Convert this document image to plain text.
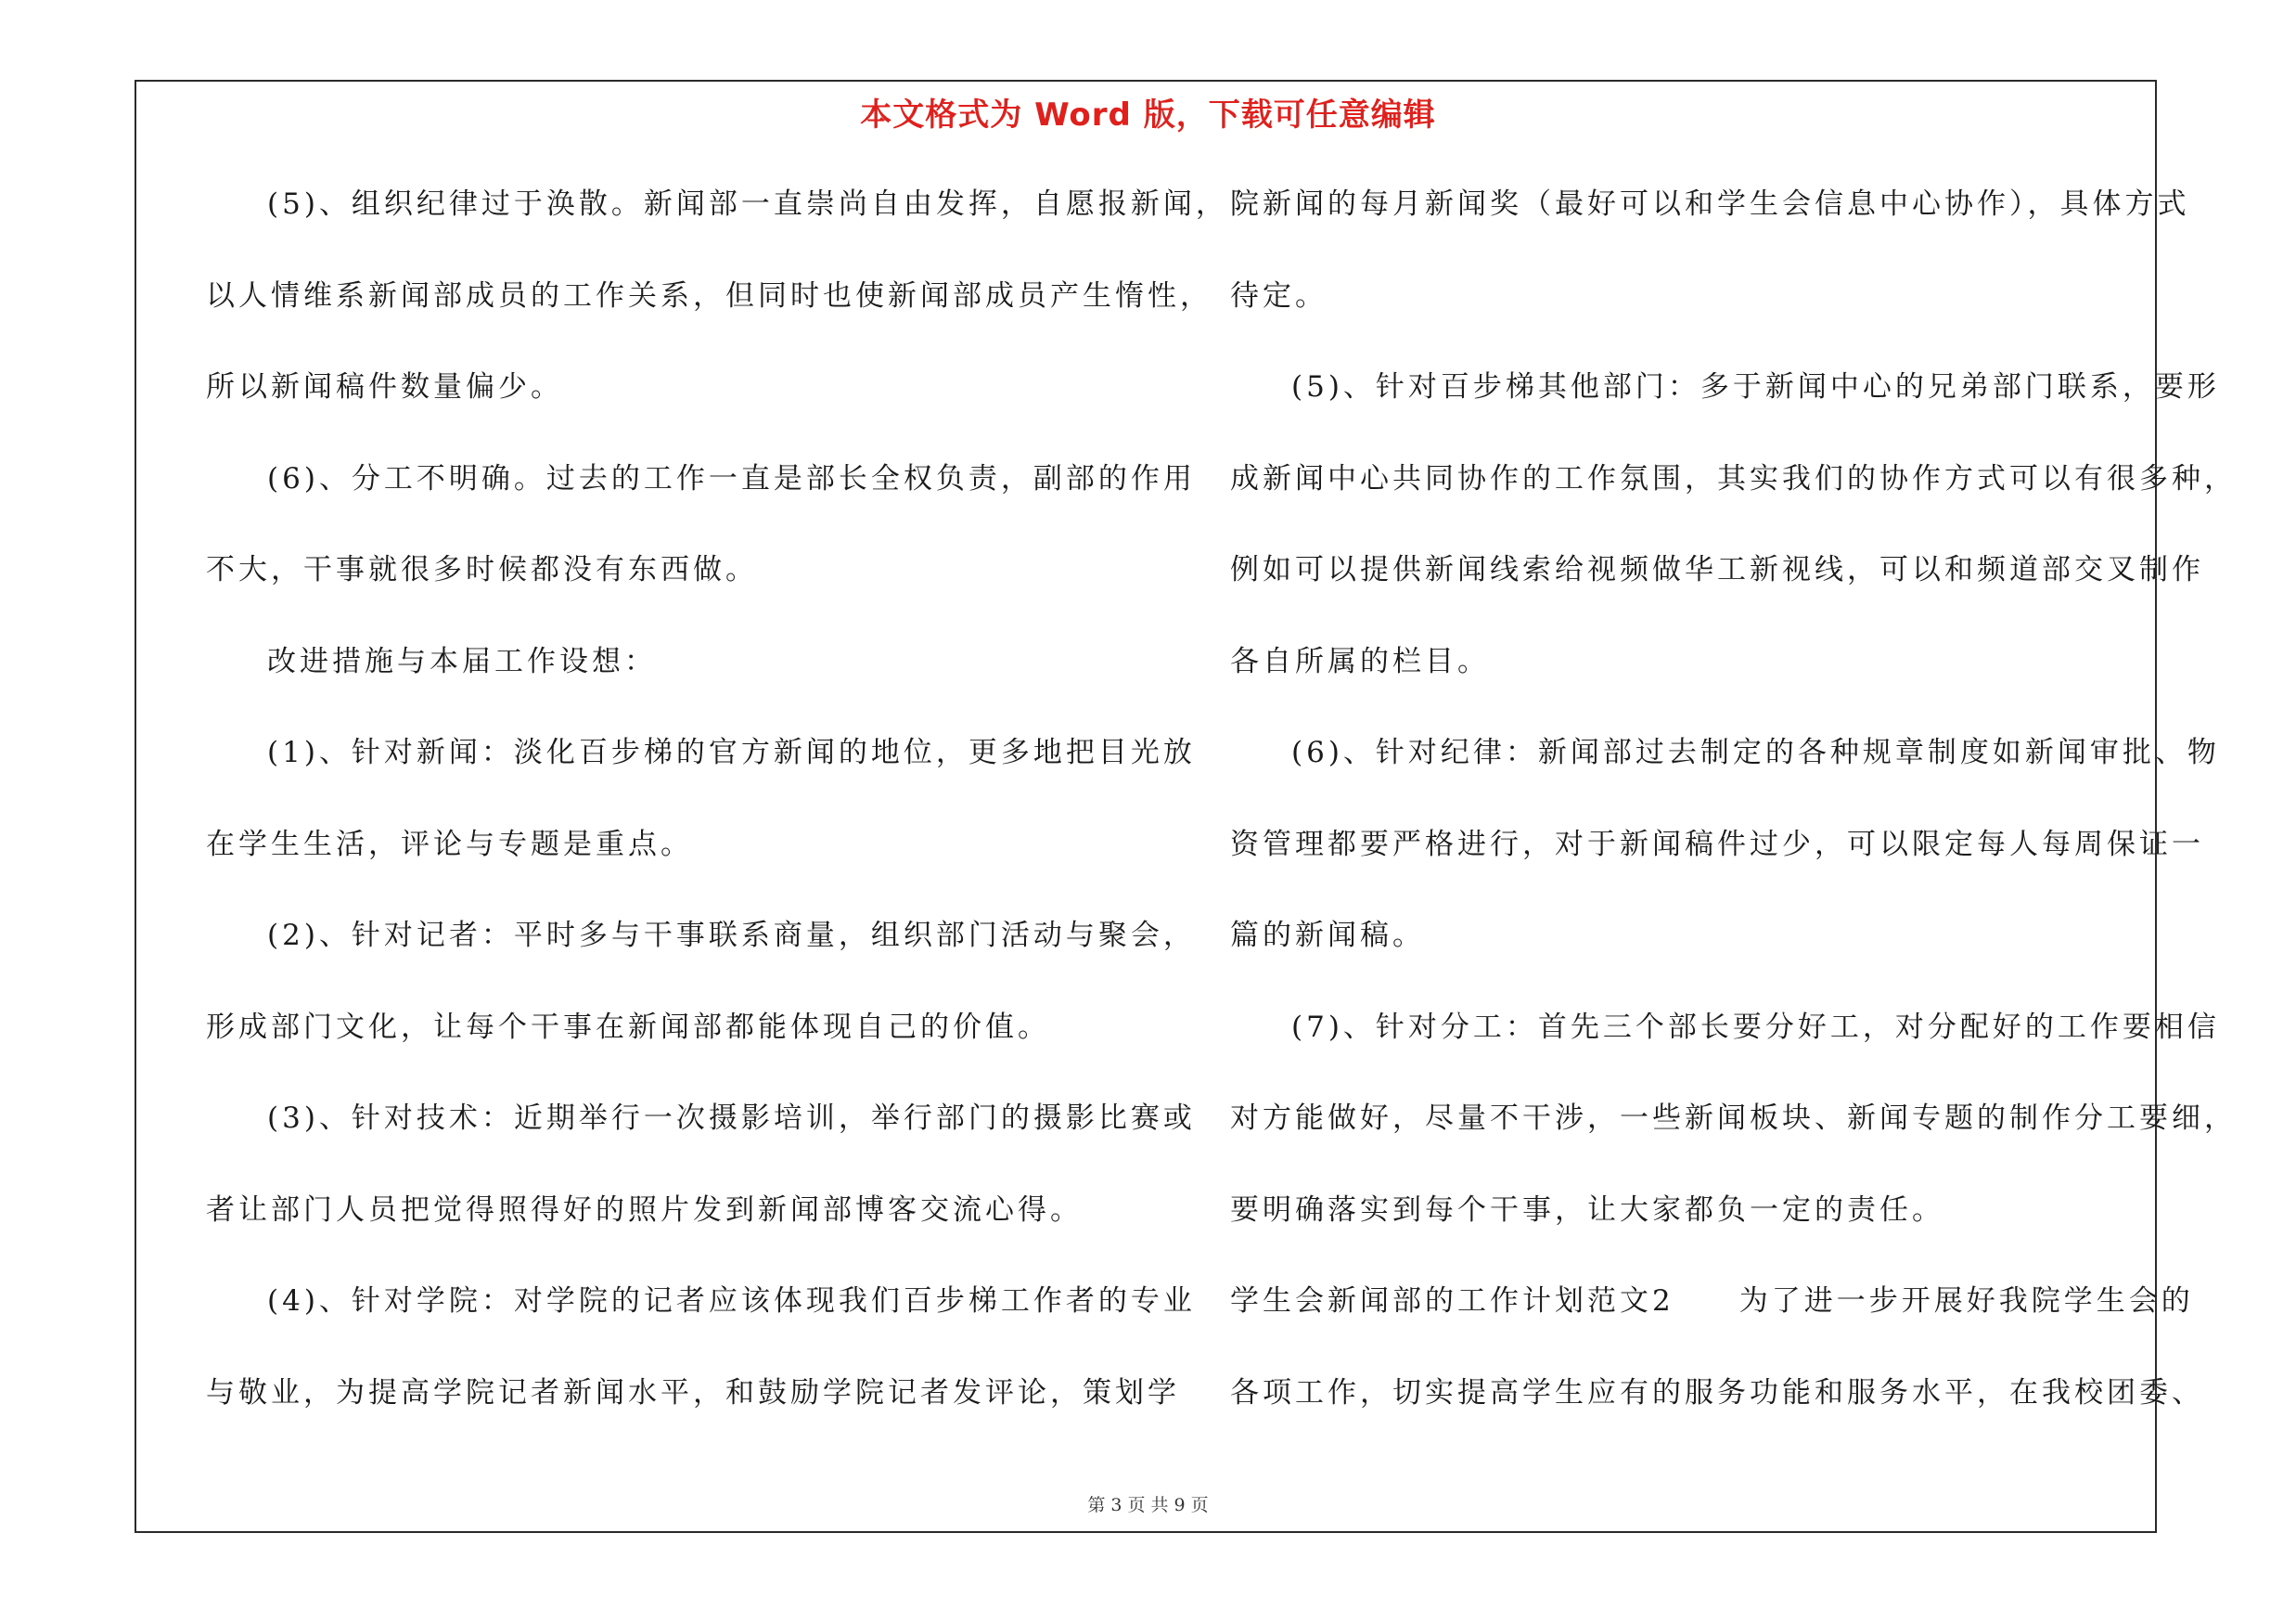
本文格式为 Word 版，下载可任意编辑
(5)、组织纪律过于涣散。新闻部一直崇尚自由发挥，自愿报新闻，
以人情维系新闻部成员的工作关系，但同时也使新闻部成员产生惰性，
所以新闻稿件数量偏少。
(6)、分工不明确。过去的工作一直是部长全权负责，副部的作用
不大，干事就很多时候都没有东西做。
改进措施与本届工作设想：
(1)、针对新闻：淡化百步梯的官方新闻的地位，更多地把目光放
在学生生活，评论与专题是重点。
(2)、针对记者：平时多与干事联系商量，组织部门活动与聚会，
形成部门文化，让每个干事在新闻部都能体现自己的价值。
(3)、针对技术：近期举行一次摄影培训，举行部门的摄影比赛或
者让部门人员把觉得照得好的照片发到新闻部博客交流心得。
(4)、针对学院：对学院的记者应该体现我们百步梯工作者的专业
与敬业，为提高学院记者新闻水平，和鼓励学院记者发评论，策划学
院新闻的每月新闻奖（最好可以和学生会信息中心协作），具体方式
待定。
(5)、针对百步梯其他部门：多于新闻中心的兄弟部门联系，要形
成新闻中心共同协作的工作氛围，其实我们的协作方式可以有很多种，
例如可以提供新闻线索给视频做华工新视线，可以和频道部交叉制作
各自所属的栏目。
(6)、针对纪律：新闻部过去制定的各种规章制度如新闻审批、物
资管理都要严格进行，对于新闻稿件过少，可以限定每人每周保证一
篇的新闻稿。
(7)、针对分工：首先三个部长要分好工，对分配好的工作要相信
对方能做好，尽量不干涉，一些新闻板块、新闻专题的制作分工要细，
要明确落实到每个干事，让大家都负一定的责任。
学生会新闻部的工作计划范文2　　为了进一步开展好我院学生会的
各项工作，切实提高学生应有的服务功能和服务水平，在我校团委、
第 3 页 共 9 页
